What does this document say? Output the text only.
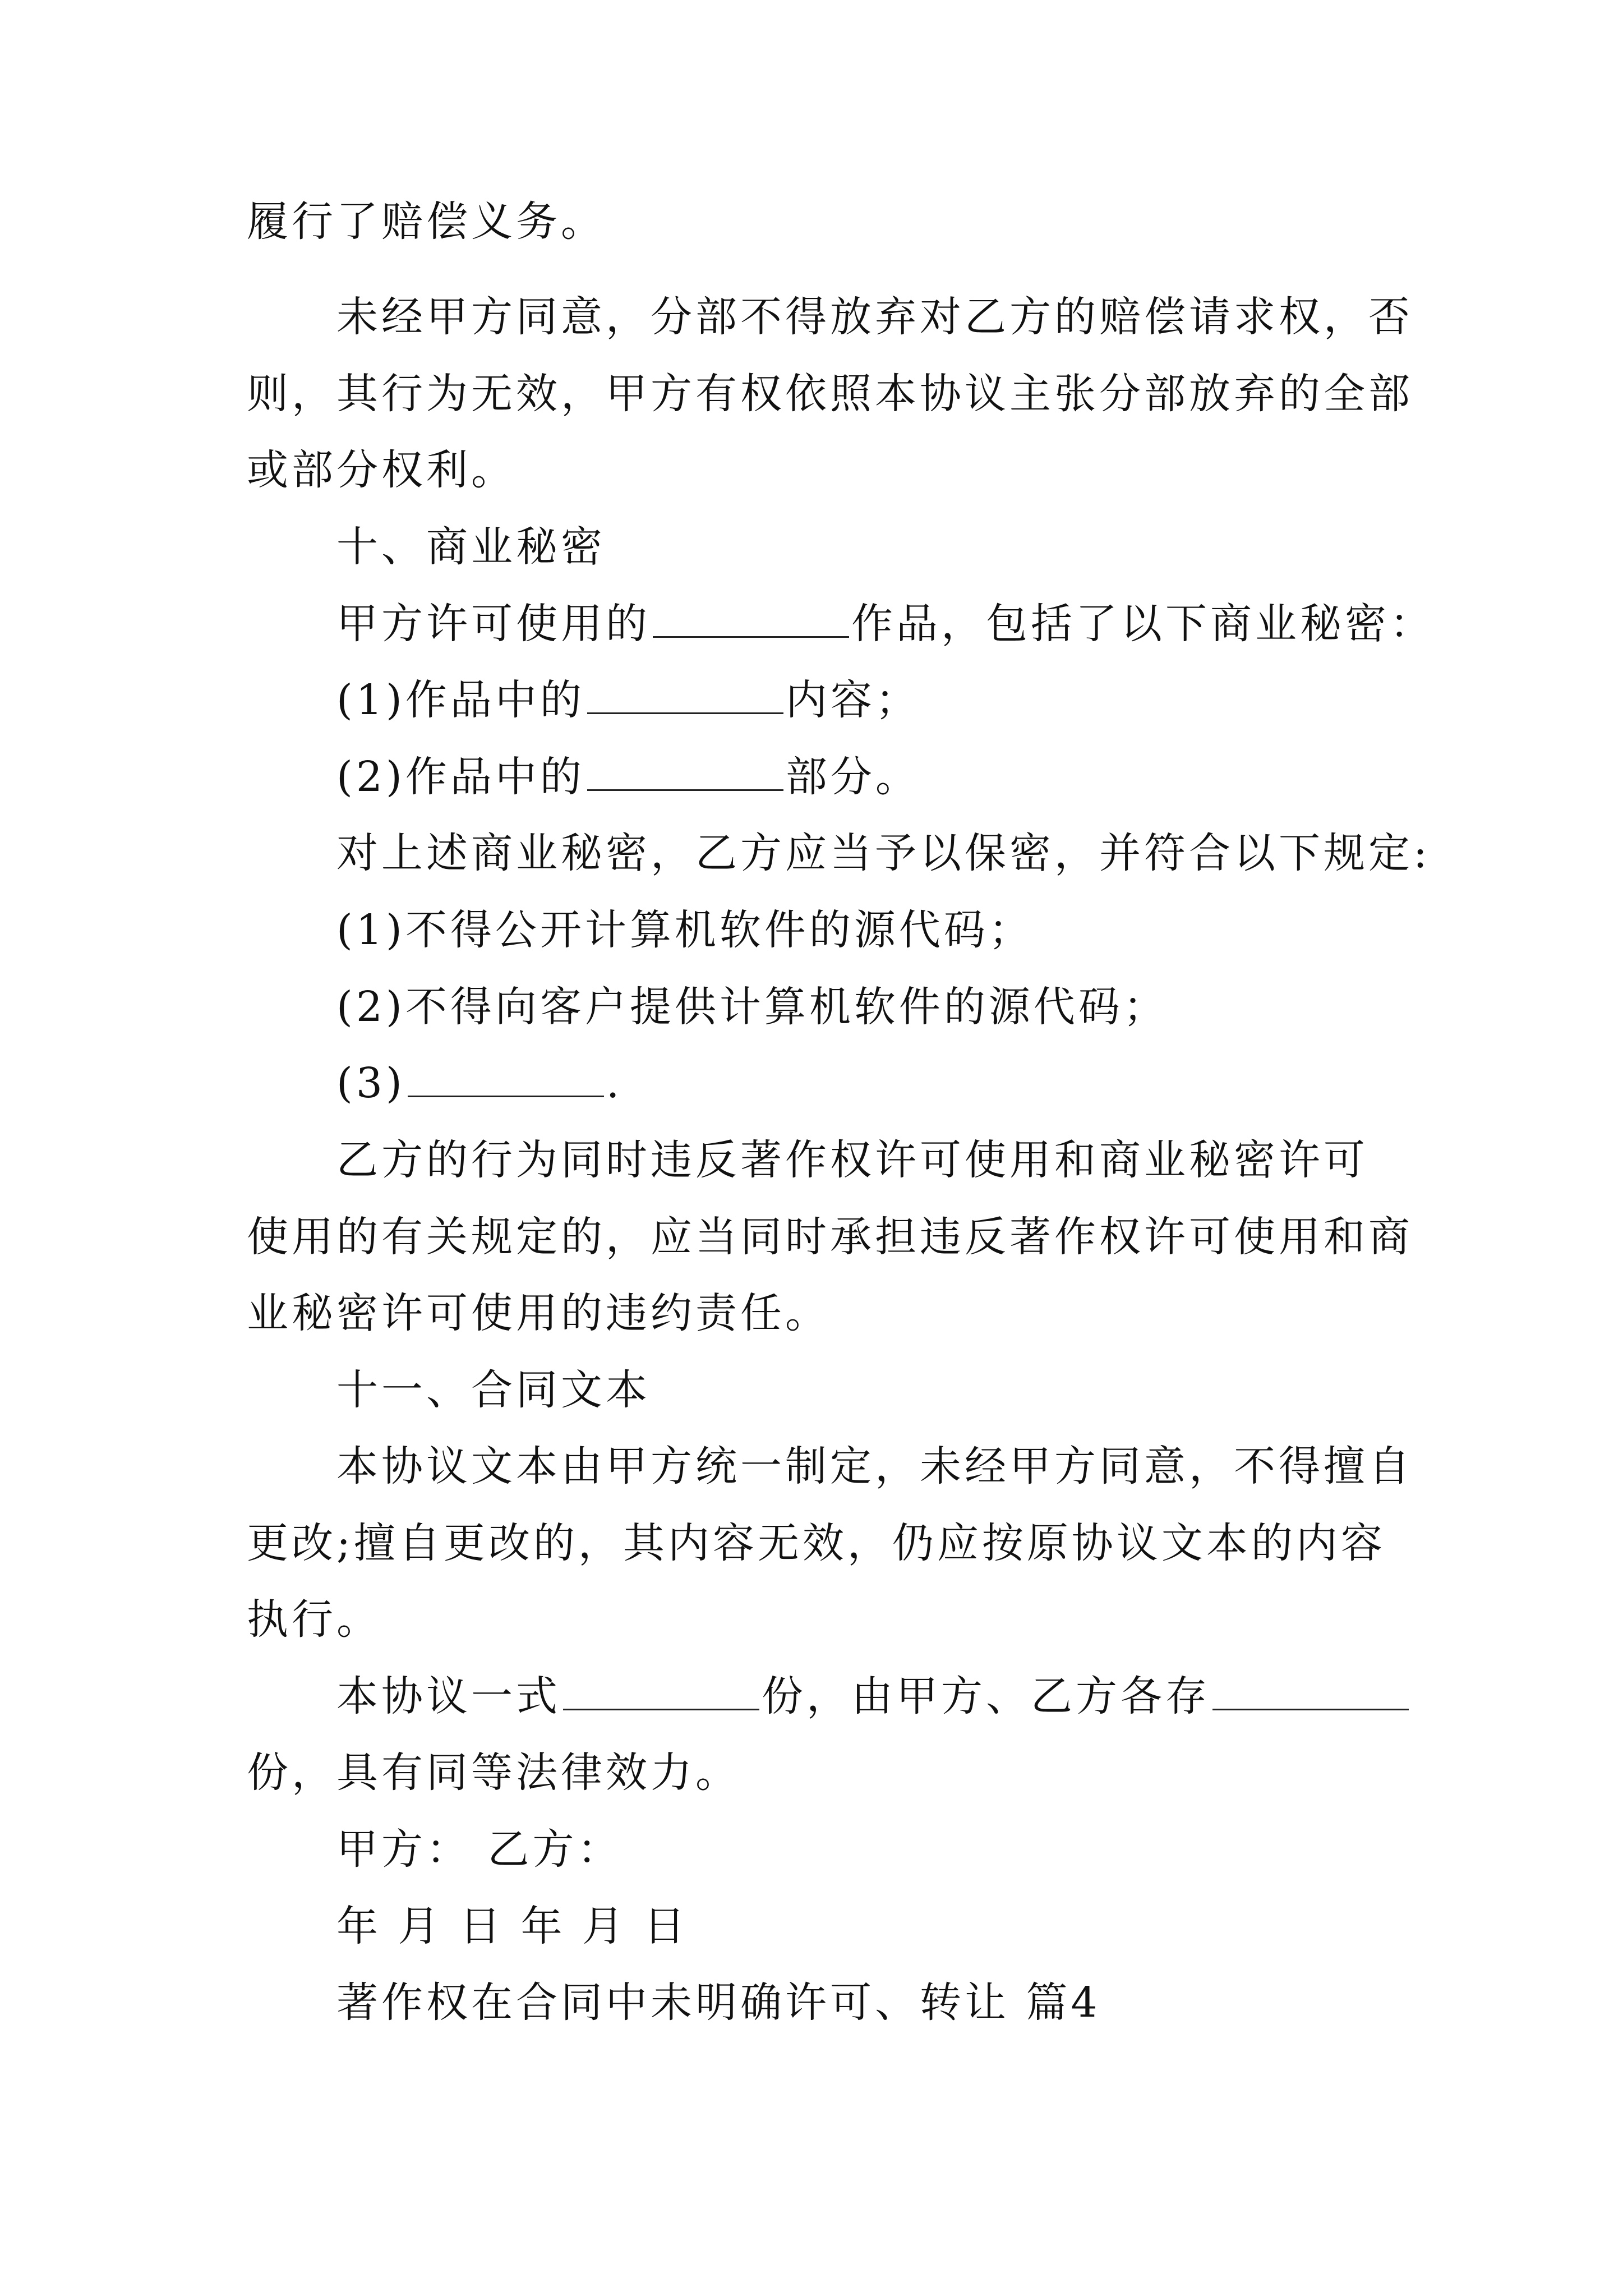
履行了赔偿义务。
未经甲方同意，分部不得放弃对乙方的赔偿请求权，否
则，其行为无效，甲方有权依照本协议主张分部放弃的全部
或部分权利。
十、商业秘密
甲方许可使用的	作品，包括了以下商业秘密：
(1)作品中的	内容；
(2)作品中的	部分。
对上述商业秘密，乙方应当予以保密，并符合以下规定:
(1)不得公开计算机软件的源代码；
(2)不得向客户提供计算机软件的源代码；
(3)	.
乙方的行为同时违反著作权许可使用和商业秘密许可
使用的有关规定的，应当同时承担违反著作权许可使用和商
业秘密许可使用的违约责任。
十一、合同文本
本协议文本由甲方统一制定，未经甲方同意，不得擅自
更改;擅自更改的，其内容无效，仍应按原协议文本的内容
执行。
本协议一式	份，由甲方、乙方各存
份，具有同等法律效力。
甲方： 乙方：
年 月 日 年 月 日
著作权在合同中未明确许可、转让 篇4
